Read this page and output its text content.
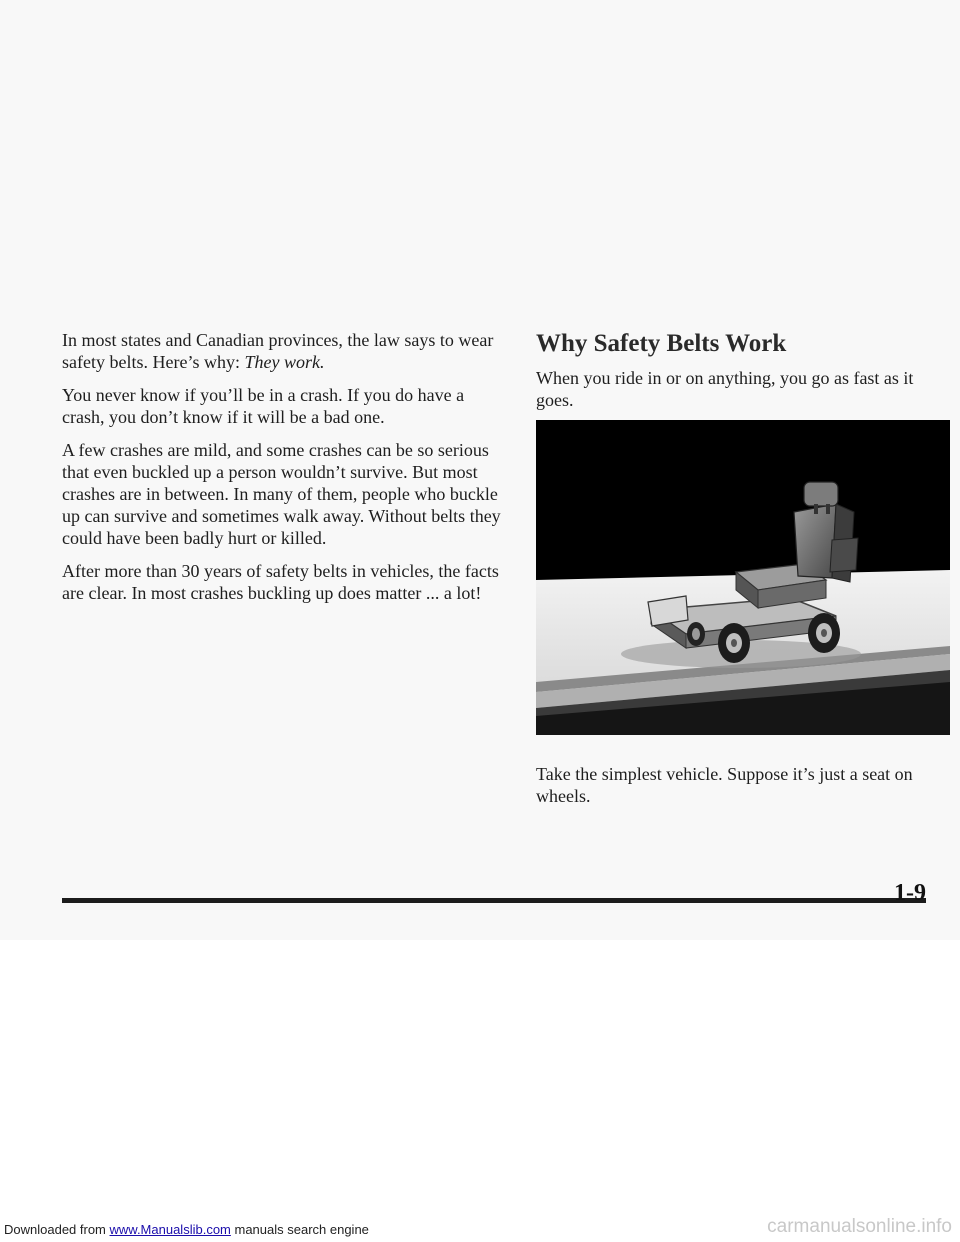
In most states and Canadian provinces, the law says to wear safety belts. Here’s why: They work.

You never know if you’ll be in a crash. If you do have a crash, you don’t know if it will be a bad one.

A few crashes are mild, and some crashes can be so serious that even buckled up a person wouldn’t survive. But most crashes are in between. In many of them, people who buckle up can survive and sometimes walk away. Without belts they could have been badly hurt or killed.

After more than 30 years of safety belts in vehicles, the facts are clear. In most crashes buckling up does matter ... a lot!

Why Safety Belts Work

When you ride in or on anything, you go as fast as it goes.

Take the simplest vehicle. Suppose it’s just a seat on wheels.

1-9
Downloaded from www.Manualslib.com manuals search engine	carmanualsonline.info
